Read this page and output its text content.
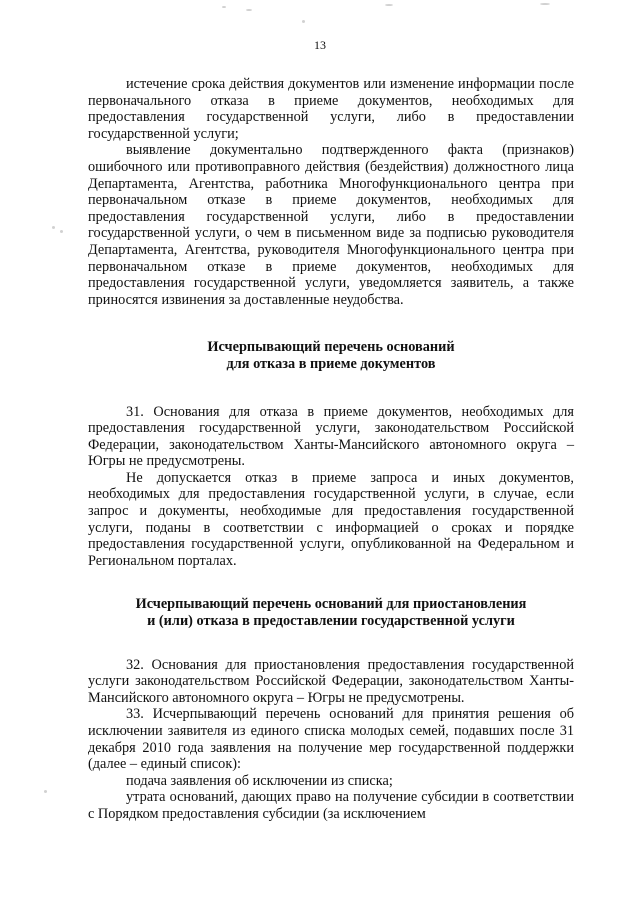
13

истечение срока действия документов или изменение информации после первоначального отказа в приеме документов, необходимых для предоставления государственной услуги, либо в предоставлении государственной услуги;

выявление документально подтвержденного факта (признаков) ошибочного или противоправного действия (бездействия) должностного лица Департамента, Агентства, работника Многофункционального центра при первоначальном отказе в приеме документов, необходимых для предоставления государственной услуги, либо в предоставлении государственной услуги, о чем в письменном виде за подписью руководителя Департамента, Агентства, руководителя Многофункционального центра при первоначальном отказе в приеме документов, необходимых для предоставления государственной услуги, уведомляется заявитель, а также приносятся извинения за доставленные неудобства.

Исчерпывающий перечень оснований
для отказа в приеме документов

31. Основания для отказа в приеме документов, необходимых для предоставления государственной услуги, законодательством Российской Федерации, законодательством Ханты-Мансийского автономного округа – Югры не предусмотрены.

Не допускается отказ в приеме запроса и иных документов, необходимых для предоставления государственной услуги, в случае, если запрос и документы, необходимые для предоставления государственной услуги, поданы в соответствии с информацией о сроках и порядке предоставления государственной услуги, опубликованной на Федеральном и Региональном порталах.

Исчерпывающий перечень оснований для приостановления
и (или) отказа в предоставлении государственной услуги

32. Основания для приостановления предоставления государственной услуги законодательством Российской Федерации, законодательством Ханты-Мансийского автономного округа – Югры не предусмотрены.

33. Исчерпывающий перечень оснований для принятия решения об исключении заявителя из единого списка молодых семей, подавших после 31 декабря 2010 года заявления на получение мер государственной поддержки (далее – единый список):

подача заявления об исключении из списка;

утрата оснований, дающих право на получение субсидии в соответствии с Порядком предоставления субсидии (за исключением
